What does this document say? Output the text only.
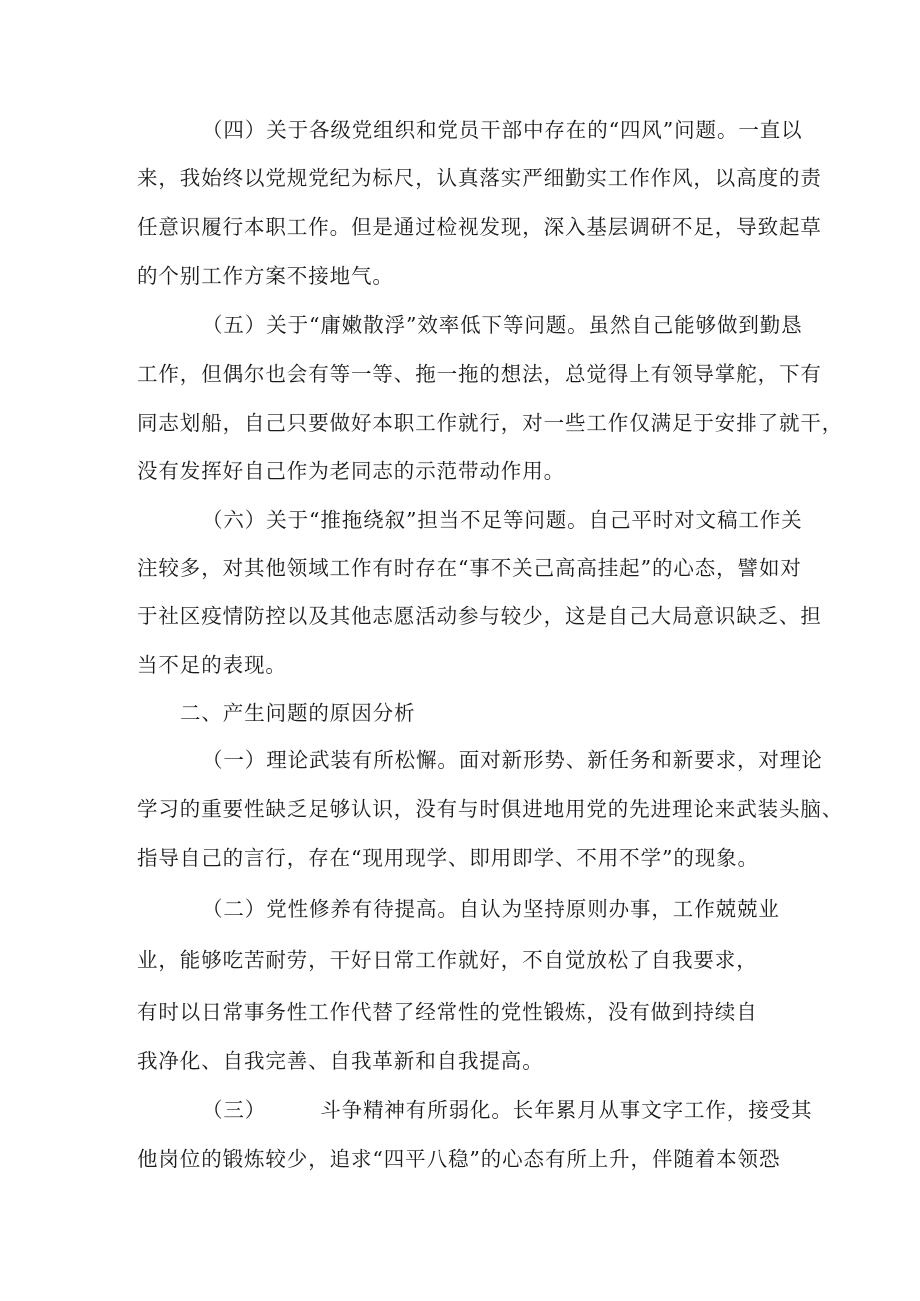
（四）关于各级党组织和党员干部中存在的“四风”问题。一直以
来，我始终以党规党纪为标尺，认真落实严细勤实工作作风，以高度的责
任意识履行本职工作。但是通过检视发现，深入基层调研不足，导致起草
的个别工作方案不接地气。
（五）关于“庸嫩散浮”效率低下等问题。虽然自己能够做到勤恳
工作，但偶尔也会有等一等、拖一拖的想法，总觉得上有领导掌舵，下有
同志划船，自己只要做好本职工作就行，对一些工作仅满足于安排了就干，
没有发挥好自己作为老同志的示范带动作用。
（六）关于“推拖绕叙”担当不足等问题。自己平时对文稿工作关
注较多，对其他领域工作有时存在“事不关己高高挂起”的心态，譬如对
于社区疫情防控以及其他志愿活动参与较少，这是自己大局意识缺乏、担
当不足的表现。
二、产生问题的原因分析
（一）理论武装有所松懈。面对新形势、新任务和新要求，对理论
学习的重要性缺乏足够认识，没有与时俱进地用党的先进理论来武装头脑、
指导自己的言行，存在“现用现学、即用即学、不用不学”的现象。
（二）党性修养有待提高。自认为坚持原则办事，工作兢兢业
业，能够吃苦耐劳，干好日常工作就好，不自觉放松了自我要求，
有时以日常事务性工作代替了经常性的党性锻炼，没有做到持续自
我净化、自我完善、自我革新和自我提高。
（三）	斗争精神有所弱化。长年累月从事文字工作，接受其
他岗位的锻炼较少，追求“四平八稳”的心态有所上升，伴随着本领恐
